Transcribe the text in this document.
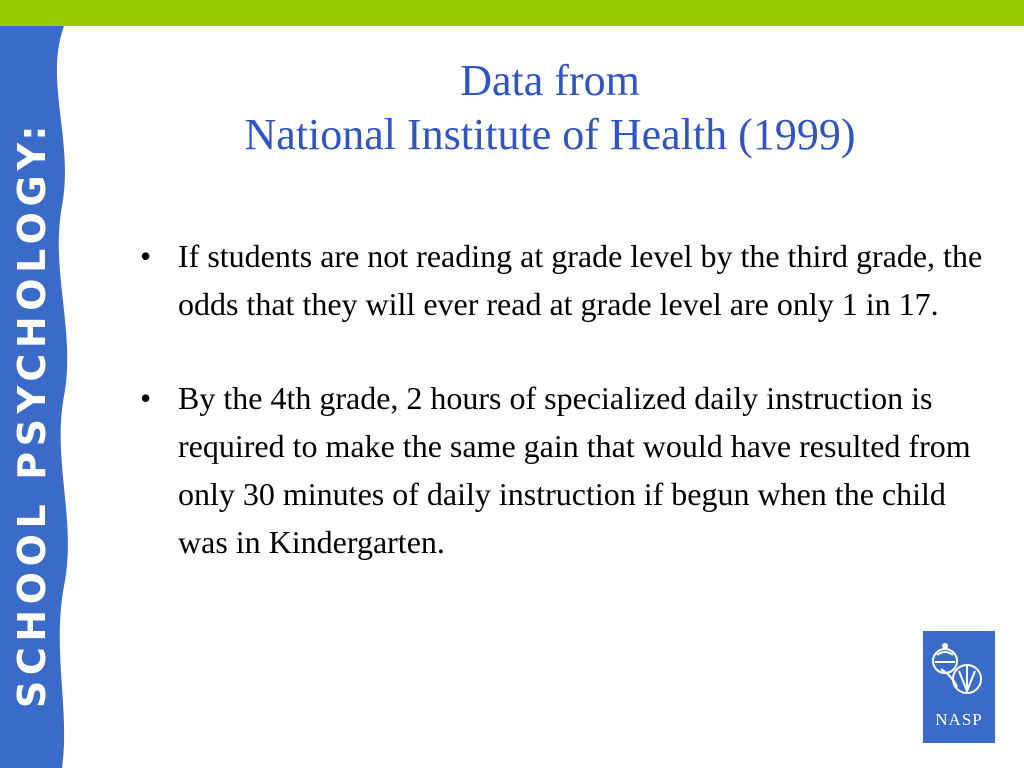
SCHOOL PSYCHOLOGY:
Data from
National Institute of Health (1999)
• If students are not reading at grade level by the third grade, the odds that they will ever read at grade level are only 1 in 17.
• By the 4th grade, 2 hours of specialized daily instruction is required to make the same gain that would have resulted from only 30 minutes of daily instruction if begun when the child was in Kindergarten.
NASP
